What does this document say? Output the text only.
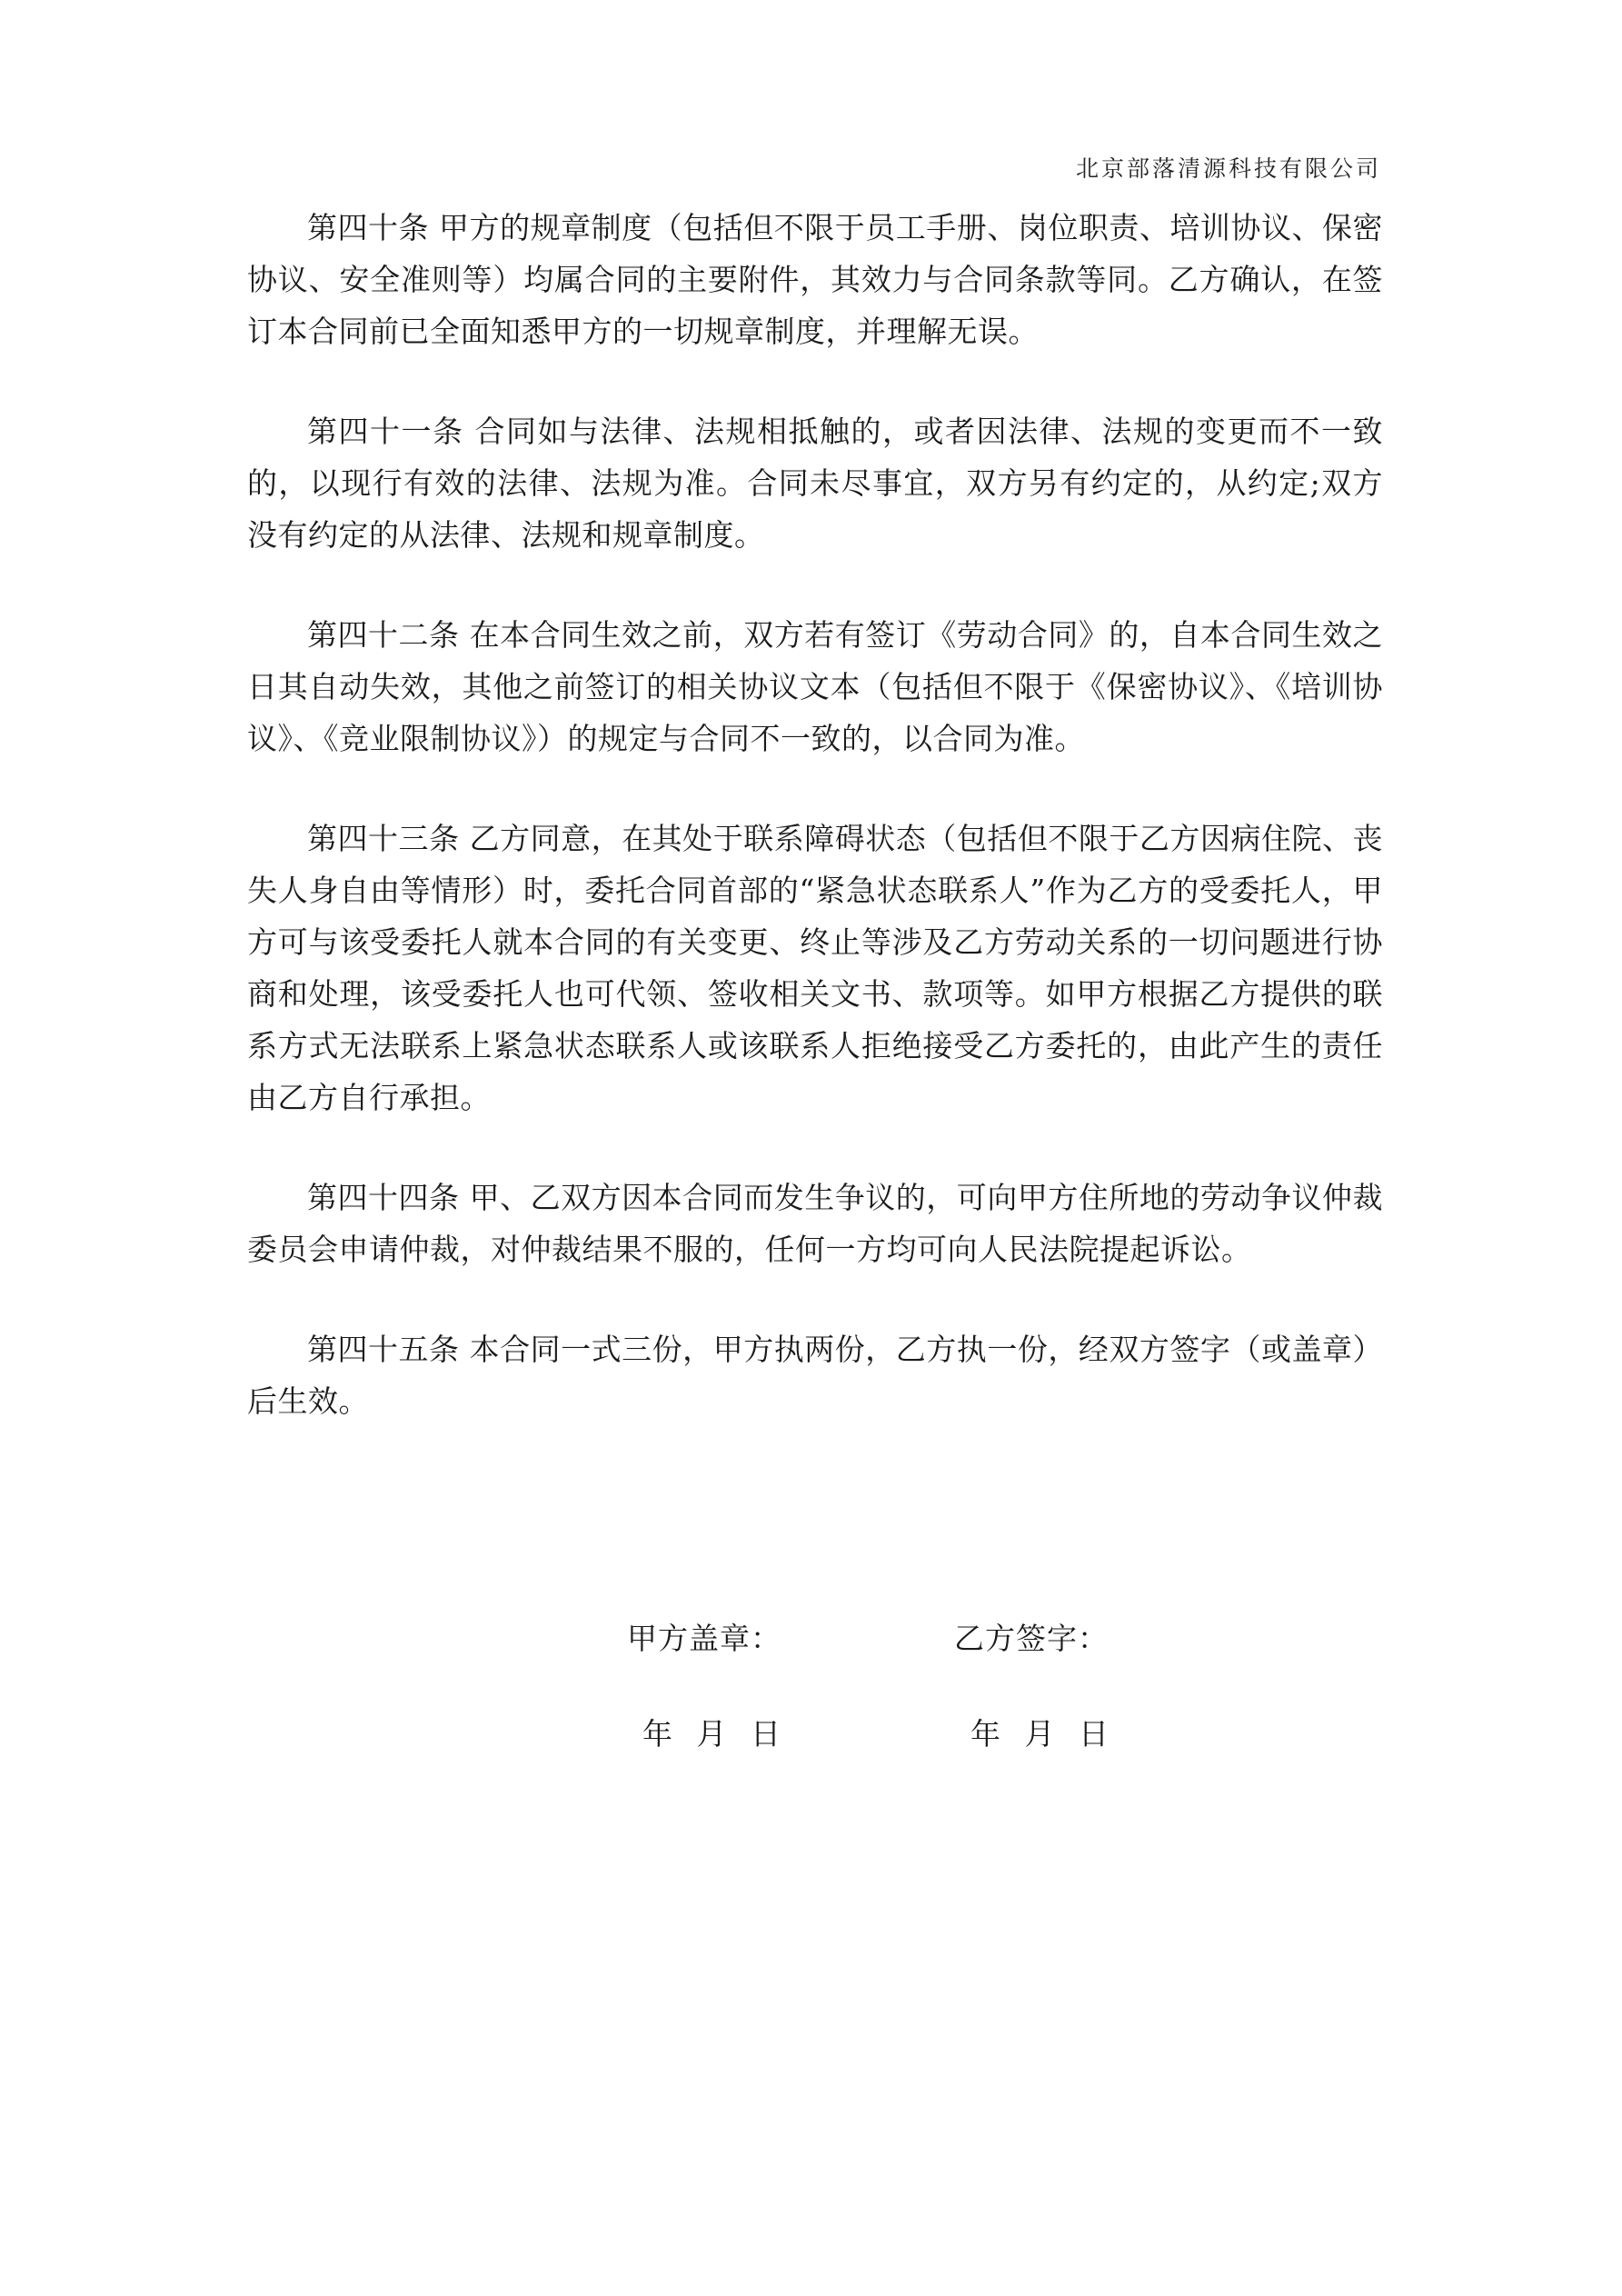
北京部落清源科技有限公司

第四十条 甲方的规章制度（包括但不限于员工手册、岗位职责、培训协议、保密协议、安全准则等）均属合同的主要附件，其效力与合同条款等同。乙方确认，在签订本合同前已全面知悉甲方的一切规章制度，并理解无误。

第四十一条 合同如与法律、法规相抵触的，或者因法律、法规的变更而不一致的，以现行有效的法律、法规为准。合同未尽事宜，双方另有约定的，从约定;双方没有约定的从法律、法规和规章制度。

第四十二条 在本合同生效之前，双方若有签订《劳动合同》的，自本合同生效之日其自动失效，其他之前签订的相关协议文本（包括但不限于《保密协议》、《培训协议》、《竞业限制协议》）的规定与合同不一致的，以合同为准。

第四十三条 乙方同意，在其处于联系障碍状态（包括但不限于乙方因病住院、丧失人身自由等情形）时，委托合同首部的“紧急状态联系人”作为乙方的受委托人，甲方可与该受委托人就本合同的有关变更、终止等涉及乙方劳动关系的一切问题进行协商和处理，该受委托人也可代领、签收相关文书、款项等。如甲方根据乙方提供的联系方式无法联系上紧急状态联系人或该联系人拒绝接受乙方委托的，由此产生的责任由乙方自行承担。

第四十四条 甲、乙双方因本合同而发生争议的，可向甲方住所地的劳动争议仲裁委员会申请仲裁，对仲裁结果不服的，任何一方均可向人民法院提起诉讼。

第四十五条 本合同一式三份，甲方执两份，乙方执一份，经双方签字（或盖章）后生效。

甲方盖章：	乙方签字：
年 月 日	年 月 日
